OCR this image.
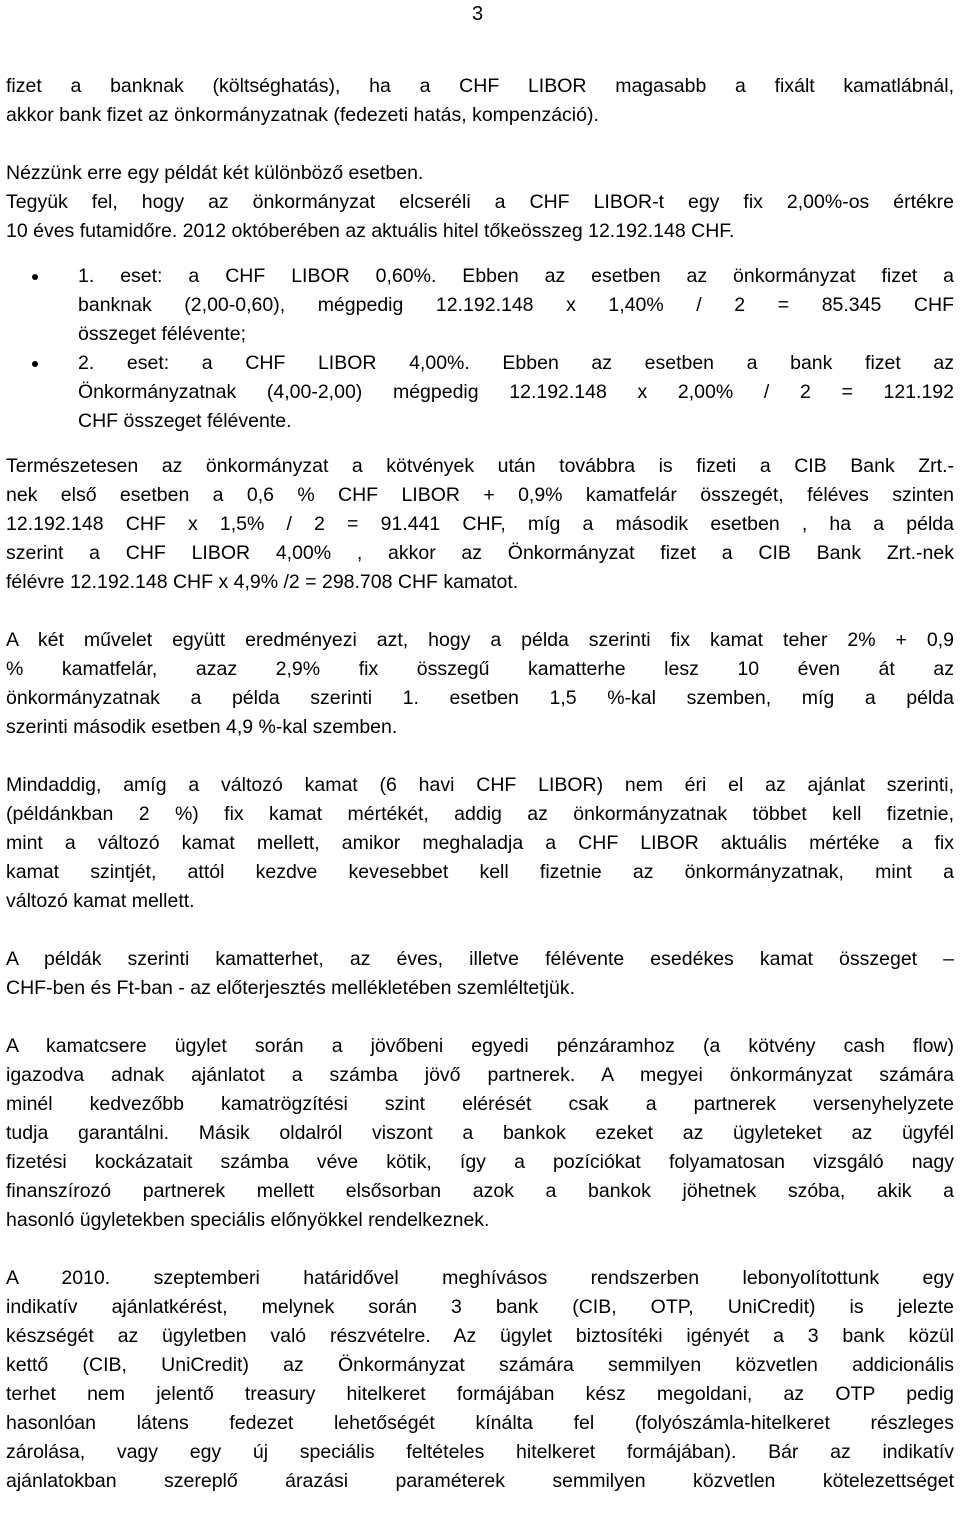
3
fizet a banknak (költséghatás), ha a CHF LIBOR magasabb a fixált kamatlábnál,
akkor bank fizet az önkormányzatnak (fedezeti hatás, kompenzáció).
Nézzünk erre egy példát két különböző esetben.
Tegyük fel, hogy az önkormányzat elcseréli a CHF LIBOR-t egy fix 2,00%-os értékre
10 éves futamidőre. 2012 októberében az aktuális hitel tőkeösszeg 12.192.148 CHF.
1. eset: a CHF LIBOR 0,60%. Ebben az esetben az önkormányzat fizet a
banknak (2,00-0,60), mégpedig 12.192.148 x 1,40% / 2 = 85.345 CHF
összeget félévente;
2. eset: a CHF LIBOR 4,00%. Ebben az esetben a bank fizet az
Önkormányzatnak (4,00-2,00) mégpedig 12.192.148 x 2,00% / 2 = 121.192
CHF összeget félévente.
Természetesen az önkormányzat a kötvények után továbbra is fizeti a CIB Bank Zrt.-
nek első esetben a 0,6 % CHF LIBOR + 0,9% kamatfelár összegét, féléves szinten
12.192.148 CHF x 1,5% / 2 = 91.441 CHF, míg a második esetben , ha a példa
szerint a CHF LIBOR 4,00% , akkor az Önkormányzat fizet a CIB Bank Zrt.-nek
félévre 12.192.148 CHF x 4,9% /2 = 298.708 CHF kamatot.
A két művelet együtt eredményezi azt, hogy a példa szerinti fix kamat teher 2% + 0,9
% kamatfelár, azaz 2,9% fix összegű kamatterhe lesz 10 éven át az
önkormányzatnak a példa szerinti 1. esetben 1,5 %-kal szemben, míg a példa
szerinti második esetben 4,9 %-kal szemben.
Mindaddig, amíg a változó kamat (6 havi CHF LIBOR) nem éri el az ajánlat szerinti,
(példánkban 2 %) fix kamat mértékét, addig az önkormányzatnak többet kell fizetnie,
mint a változó kamat mellett, amikor meghaladja a CHF LIBOR aktuális mértéke a fix
kamat szintjét, attól kezdve kevesebbet kell fizetnie az önkormányzatnak, mint a
változó kamat mellett.
A példák szerinti kamatterhet, az éves, illetve félévente esedékes kamat összeget –
CHF-ben és Ft-ban - az előterjesztés mellékletében szemléltetjük.
A kamatcsere ügylet során a jövőbeni egyedi pénzáramhoz (a kötvény cash flow)
igazodva adnak ajánlatot a számba jövő partnerek. A megyei önkormányzat számára
minél kedvezőbb kamatrögzítési szint elérését csak a partnerek versenyhelyzete
tudja garantálni. Másik oldalról viszont a bankok ezeket az ügyleteket az ügyfél
fizetési kockázatait számba véve kötik, így a pozíciókat folyamatosan vizsgáló nagy
finanszírozó partnerek mellett elsősorban azok a bankok jöhetnek szóba, akik a
hasonló ügyletekben speciális előnyökkel rendelkeznek.
A 2010. szeptemberi határidővel meghívásos rendszerben lebonyolítottunk egy
indikatív ajánlatkérést, melynek során 3 bank (CIB, OTP, UniCredit) is jelezte
készségét az ügyletben való részvételre. Az ügylet biztosítéki igényét a 3 bank közül
kettő (CIB, UniCredit) az Önkormányzat számára semmilyen közvetlen addicionális
terhet nem jelentő treasury hitelkeret formájában kész megoldani, az OTP pedig
hasonlóan látens fedezet lehetőségét kínálta fel (folyószámla-hitelkeret részleges
zárolása, vagy egy új speciális feltételes hitelkeret formájában). Bár az indikatív
ajánlatokban szereplő árazási paraméterek semmilyen közvetlen kötelezettséget
